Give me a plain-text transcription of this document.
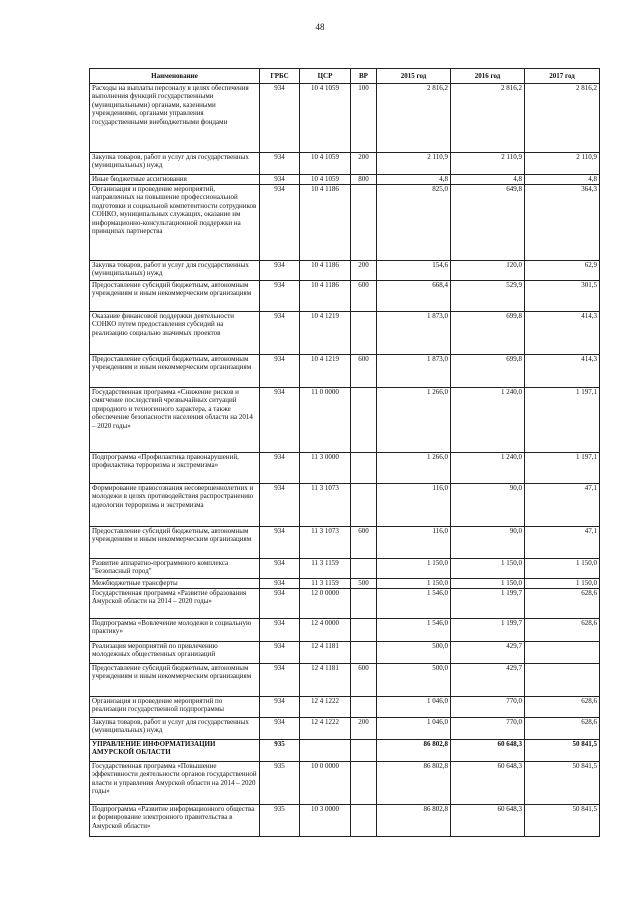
48
Наименование	ГРБС	ЦСР	ВР	2015 год	2016 год	2017 год
Расходы на выплаты персоналу в целях обеспечения выполнения функций государственными (муниципальными) органами, казенными учреждениями, органами управления государственными внебюджетными фондами	934	10 4 1059	100	2 816,2	2 816,2	2 816,2
Закупка товаров, работ и услуг для государственных (муниципальных) нужд	934	10 4 1059	200	2 110,9	2 110,9	2 110,9
Иные бюджетные ассигнования	934	10 4 1059	800	4,8	4,8	4,8
Организация и проведение мероприятий, направленных на повышение профессиональной подготовки и социальной компетентности сотрудников СОНКО, муниципальных служащих, оказание им информационно-консультационной поддержки на принципах партнерства	934	10 4 1186		825,0	649,8	364,3
Закупка товаров, работ и услуг для государственных (муниципальных) нужд	934	10 4 1186	200	154,6	120,0	62,9
Предоставление субсидий бюджетным, автономным учреждениям и иным некоммерческим организациям	934	10 4 1186	600	668,4	529,9	301,5
Оказание финансовой поддержки деятельности СОНКО путем предоставления субсидий на реализацию социально значимых проектов	934	10 4 1219		1 873,0	699,8	414,3
Предоставление субсидий бюджетным, автономным учреждениям и иным некоммерческим организациям	934	10 4 1219	600	1 873,0	699,8	414,3
Государственная программа «Снижение рисков и смягчение последствий чрезвычайных ситуаций природного и техногенного характера, а также обеспечение безопасности населения области на 2014 – 2020 годы»	934	11 0 0000		1 266,0	1 240,0	1 197,1
Подпрограмма «Профилактика правонарушений, профилактика терроризма и экстремизма»	934	11 3 0000		1 266,0	1 240,0	1 197,1
Формирование правосознания несовершеннолетних и молодежи в целях противодействия распространению идеологии терроризма и экстремизма	934	11 3 1073		116,0	90,0	47,1
Предоставление субсидий бюджетным, автономным учреждениям и иным некоммерческим организациям	934	11 3 1073	600	116,0	90,0	47,1
Развитие аппаратно-программного комплекса "Безопасный город"	934	11 3 1159		1 150,0	1 150,0	1 150,0
Межбюджетные трансферты	934	11 3 1159	500	1 150,0	1 150,0	1 150,0
Государственная программа «Развитие образования Амурской области на 2014 – 2020 годы»	934	12 0 0000		1 546,0	1 199,7	628,6
Подпрограмма «Вовлечение молодежи в социальную практику»	934	12 4 0000		1 546,0	1 199,7	628,6
Реализация мероприятий по привлечению молодежных общественных организаций	934	12 4 1181		500,0	429,7	
Предоставление субсидий бюджетным, автономным учреждениям и иным некоммерческим организациям	934	12 4 1181	600	500,0	429,7	
Организация и проведение мероприятий по реализации государственной подпрограммы	934	12 4 1222		1 046,0	770,0	628,6
Закупка товаров, работ и услуг для государственных (муниципальных) нужд	934	12 4 1222	200	1 046,0	770,0	628,6
УПРАВЛЕНИЕ ИНФОРМАТИЗАЦИИ АМУРСКОЙ ОБЛАСТИ	935			86 802,8	60 648,3	50 841,5
Государственная программа «Повышение эффективности деятельности органов государственной власти и управления Амурской области на 2014 – 2020 годы»	935	10 0 0000		86 802,8	60 648,3	50 841,5
Подпрограмма «Развитие информационного общества и формирование электронного правительства в Амурской области»	935	10 3 0000		86 802,8	60 648,3	50 841,5
